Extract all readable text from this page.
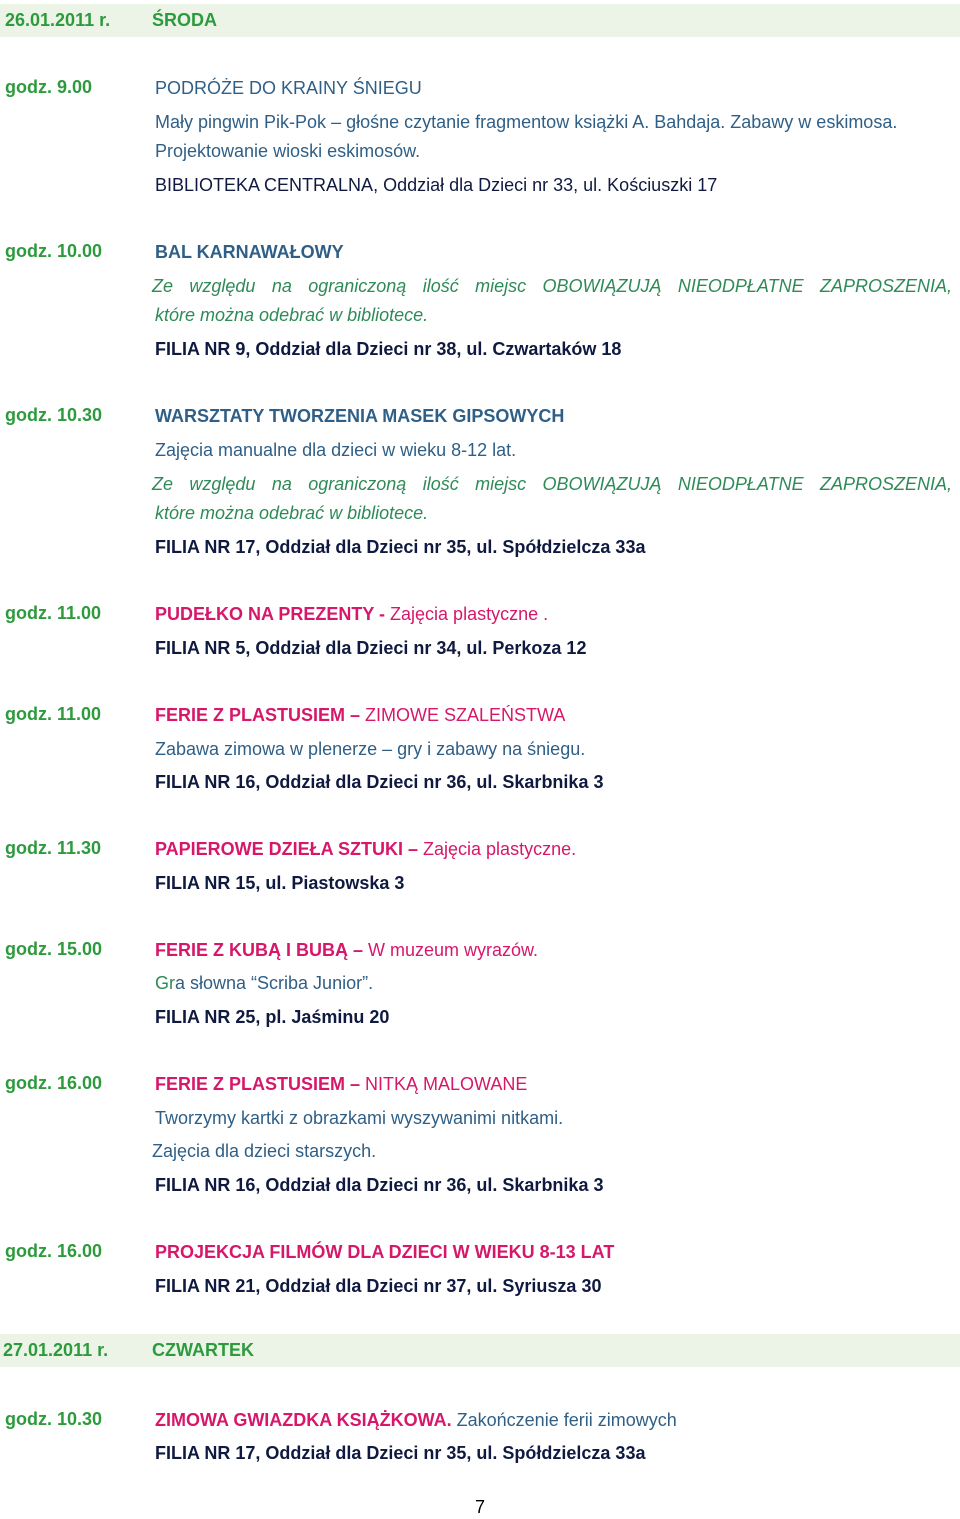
26.01.2011 r. ŚRODA
godz. 9.00	PODRÓŻE DO KRAINY ŚNIEGU
Mały pingwin Pik-Pok – głośne czytanie fragmentow książki A. Bahdaja. Zabawy w eskimosa.
Projektowanie wioski eskimosów.
BIBLIOTEKA CENTRALNA, Oddział dla Dzieci nr 33, ul. Kościuszki 17
godz. 10.00	BAL KARNAWAŁOWY
Ze względu na ograniczoną ilość miejsc OBOWIĄZUJĄ NIEODPŁATNE ZAPROSZENIA,
które można odebrać w bibliotece.
FILIA NR 9, Oddział dla Dzieci nr 38, ul. Czwartaków 18
godz. 10.30	WARSZTATY TWORZENIA MASEK GIPSOWYCH
Zajęcia manualne dla dzieci w wieku 8-12 lat.
Ze względu na ograniczoną ilość miejsc OBOWIĄZUJĄ NIEODPŁATNE ZAPROSZENIA,
które można odebrać w bibliotece.
FILIA NR 17, Oddział dla Dzieci nr 35, ul. Spółdzielcza 33a
godz. 11.00	PUDEŁKO NA PREZENTY - Zajęcia plastyczne .
FILIA NR 5, Oddział dla Dzieci nr 34, ul. Perkoza 12
godz. 11.00	FERIE Z PLASTUSIEM – ZIMOWE SZALEŃSTWA
Zabawa zimowa w plenerze – gry i zabawy na śniegu.
FILIA NR 16, Oddział dla Dzieci nr 36, ul. Skarbnika 3
godz. 11.30	PAPIEROWE DZIEŁA SZTUKI – Zajęcia plastyczne.
FILIA NR 15, ul. Piastowska 3
godz. 15.00	FERIE Z KUBĄ I BUBĄ – W muzeum wyrazów.
Gra słowna “Scriba Junior”.
FILIA NR 25, pl. Jaśminu 20
godz. 16.00	FERIE Z PLASTUSIEM – NITKĄ MALOWANE
Tworzymy kartki z obrazkami wyszywanimi nitkami.
Zajęcia dla dzieci starszych.
FILIA NR 16, Oddział dla Dzieci nr 36, ul. Skarbnika 3
godz. 16.00	PROJEKCJA FILMÓW DLA DZIECI W WIEKU 8-13 LAT
FILIA NR 21, Oddział dla Dzieci nr 37, ul. Syriusza 30
27.01.2011 r. CZWARTEK
godz. 10.30	ZIMOWA GWIAZDKA KSIĄŻKOWA. Zakończenie ferii zimowych
FILIA NR 17, Oddział dla Dzieci nr 35, ul. Spółdzielcza 33a
7
